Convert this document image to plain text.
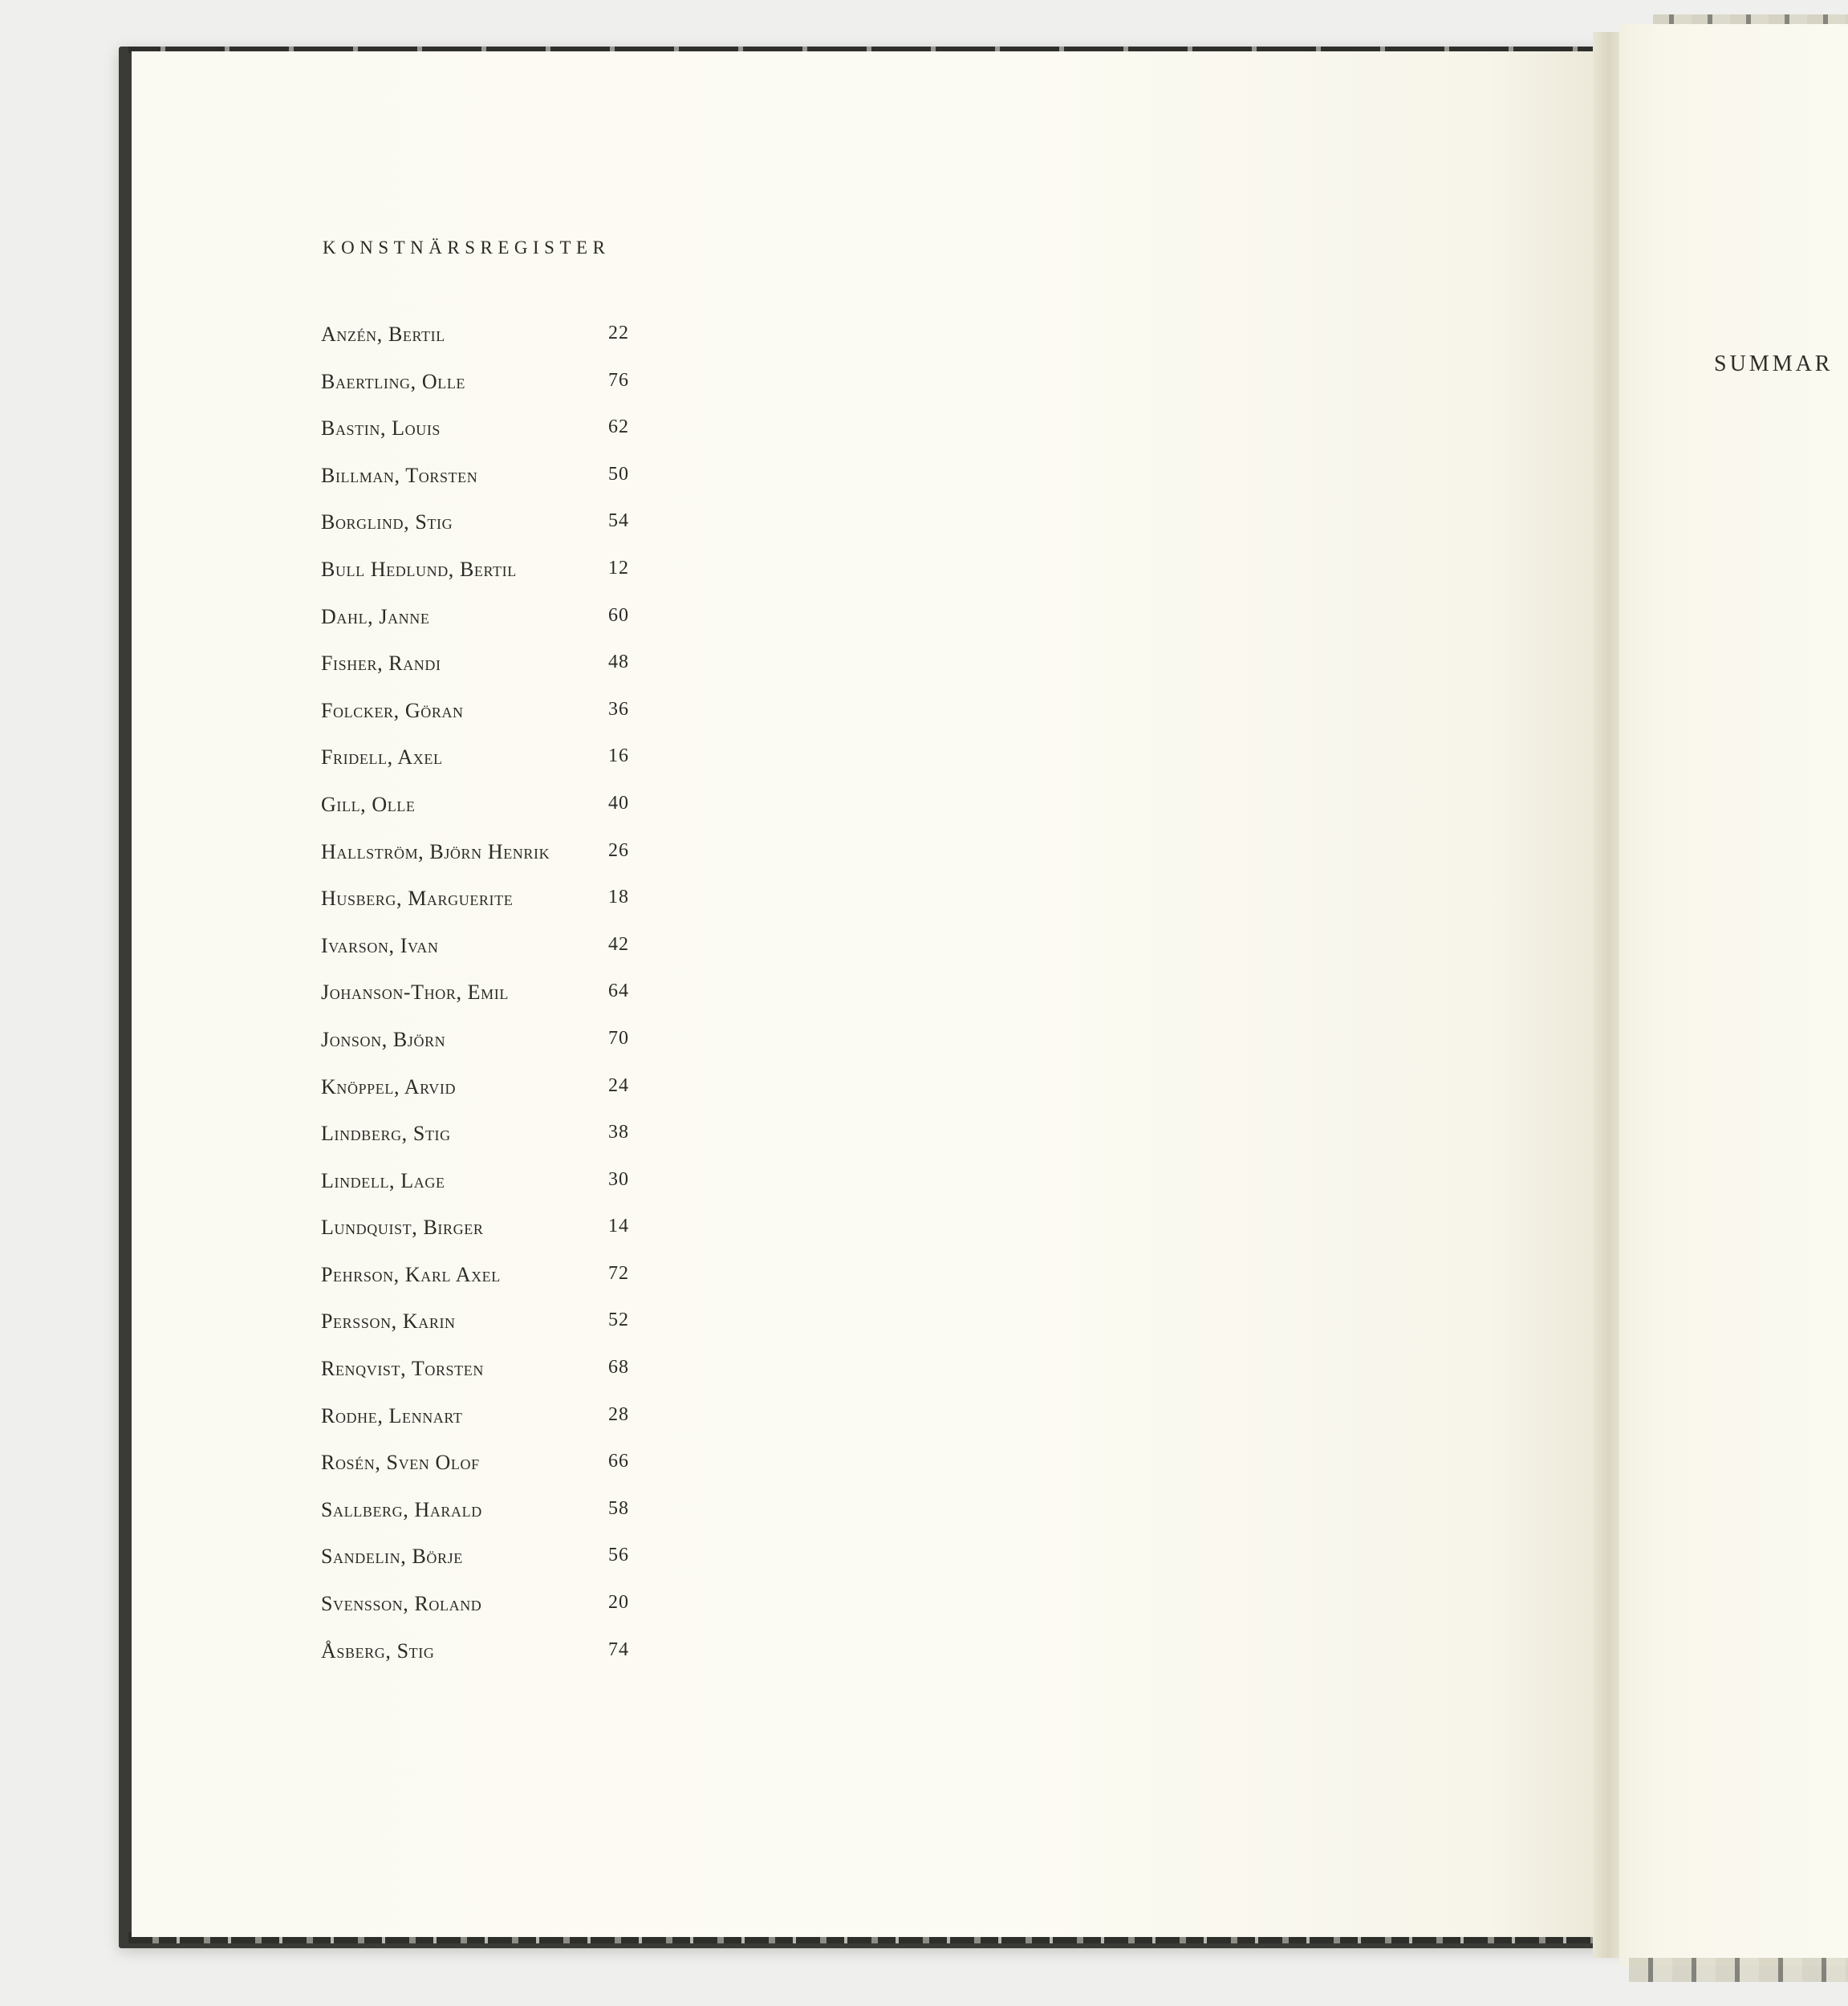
KONSTNÄRSREGISTER
Anzén, Bertil	22
Baertling, Olle	76
Bastin, Louis	62
Billman, Torsten	50
Borglind, Stig	54
Bull Hedlund, Bertil	12
Dahl, Janne	60
Fisher, Randi	48
Folcker, Göran	36
Fridell, Axel	16
Gill, Olle	40
Hallström, Björn Henrik	26
Husberg, Marguerite	18
Ivarson, Ivan	42
Johanson-Thor, Emil	64
Jonson, Björn	70
Knöppel, Arvid	24
Lindberg, Stig	38
Lindell, Lage	30
Lundquist, Birger	14
Pehrson, Karl Axel	72
Persson, Karin	52
Renqvist, Torsten	68
Rodhe, Lennart	28
Rosén, Sven Olof	66
Sallberg, Harald	58
Sandelin, Börje	56
Svensson, Roland	20
Åsberg, Stig	74
SUMMAR
